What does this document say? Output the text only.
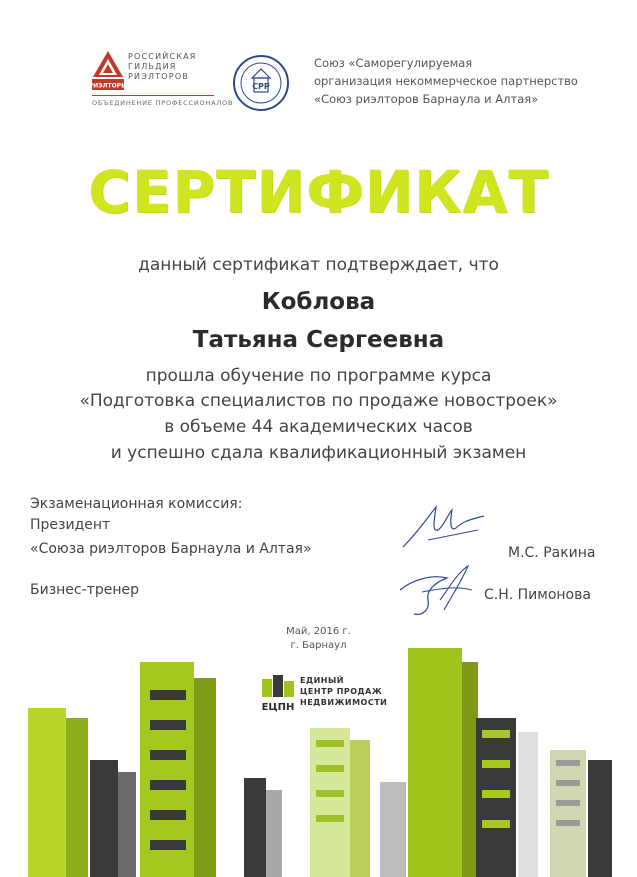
РИЭЛТОРЫ
РОССИЙСКАЯ
ГИЛЬДИЯ
РИЭЛТОРОВ
ОБЪЕДИНЕНИЕ ПРОФЕССИОНАЛОВ
СРР
Союз «Саморегулируемая
организация некоммерческое партнерство
«Союз риэлторов Барнаула и Алтая»
СЕРТИФИКАТ
данный сертификат подтверждает, что
Коблова
Татьяна Сергеевна
прошла обучение по программе курса
«Подготовка специалистов по продаже новостроек»
в объеме 44 академических часов
и успешно сдала квалификационный экзамен
Экзаменационная комиссия:
Президент
«Союза риэлторов Барнаула и Алтая»
Бизнес-тренер
М.С. Ракина
С.Н. Пимонова
Май, 2016 г.
г. Барнаул
ЕЦПН
ЕДИНЫЙ
ЦЕНТР ПРОДАЖ
НЕДВИЖИМОСТИ
